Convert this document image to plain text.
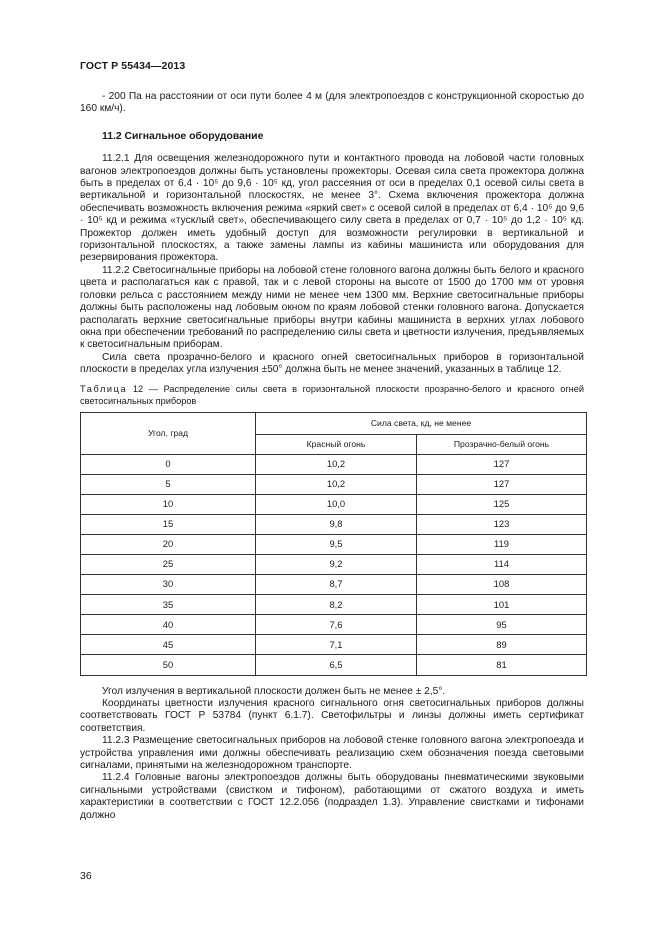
ГОСТ Р 55434—2013

- 200 Па на расстоянии от оси пути более 4 м (для электропоездов с конструкционной скоростью до 160 км/ч).

11.2 Сигнальное оборудование

11.2.1 Для освещения железнодорожного пути и контактного провода на лобовой части головных вагонов электропоездов должны быть установлены прожекторы. Осевая сила света прожектора должна быть в пределах от 6,4 · 10⁵ до 9,6 · 10⁵ кд, угол рассеяния от оси в пределах 0,1 осевой силы света в вертикальной и горизонтальной плоскостях, не менее 3°. Схема включения прожектора должна обеспечивать возможность включения режима «яркий свет» с осевой силой в пределах от 6,4 · 10⁵ до 9,6 · 10⁵ кд и режима «тусклый свет», обеспечивающего силу света в пределах от 0,7 · 10⁵ до 1,2 · 10⁵ кд. Прожектор должен иметь удобный доступ для возможности регулировки в вертикальной и горизонтальной плоскостях, а также замены лампы из кабины машиниста или оборудования для резервирования прожектора.

11.2.2 Светосигнальные приборы на лобовой стене головного вагона должны быть белого и красного цвета и располагаться как с правой, так и с левой стороны на высоте от 1500 до 1700 мм от уровня головки рельса с расстоянием между ними не менее чем 1300 мм. Верхние светосигнальные приборы должны быть расположены над лобовым окном по краям лобовой стенки головного вагона. Допускается располагать верхние светосигнальные приборы внутри кабины машиниста в верхних углах лобового окна при обеспечении требований по распределению силы света и цветности излучения, предъявляемых к светосигнальным приборам.

Сила света прозрачно-белого и красного огней светосигнальных приборов в горизонтальной плоскости в пределах угла излучения ±50° должна быть не менее значений, указанных в таблице 12.

Таблица 12 — Распределение силы света в горизонтальной плоскости прозрачно-белого и красного огней светосигнальных приборов

Угол, град	Сила света, кд, не менее	
	Красный огонь	Прозрачно-белый огонь
0	10,2	127
5	10,2	127
10	10,0	125
15	9,8	123
20	9,5	119
25	9,2	114
30	8,7	108
35	8,2	101
40	7,6	95
45	7,1	89
50	6,5	81

Угол излучения в вертикальной плоскости должен быть не менее ± 2,5°.

Координаты цветности излучения красного сигнального огня светосигнальных приборов должны соответствовать ГОСТ Р 53784 (пункт 6.1.7). Светофильтры и линзы должны иметь сертификат соответствия.

11.2.3 Размещение светосигнальных приборов на лобовой стенке головного вагона электропоезда и устройства управления ими должны обеспечивать реализацию схем обозначения поезда световыми сигналами, принятыми на железнодорожном транспорте.

11.2.4 Головные вагоны электропоездов должны быть оборудованы пневматическими звуковыми сигнальными устройствами (свистком и тифоном), работающими от сжатого воздуха и иметь характеристики в соответствии с ГОСТ 12.2.056 (подраздел 1.3). Управление свистками и тифонами должно

36
